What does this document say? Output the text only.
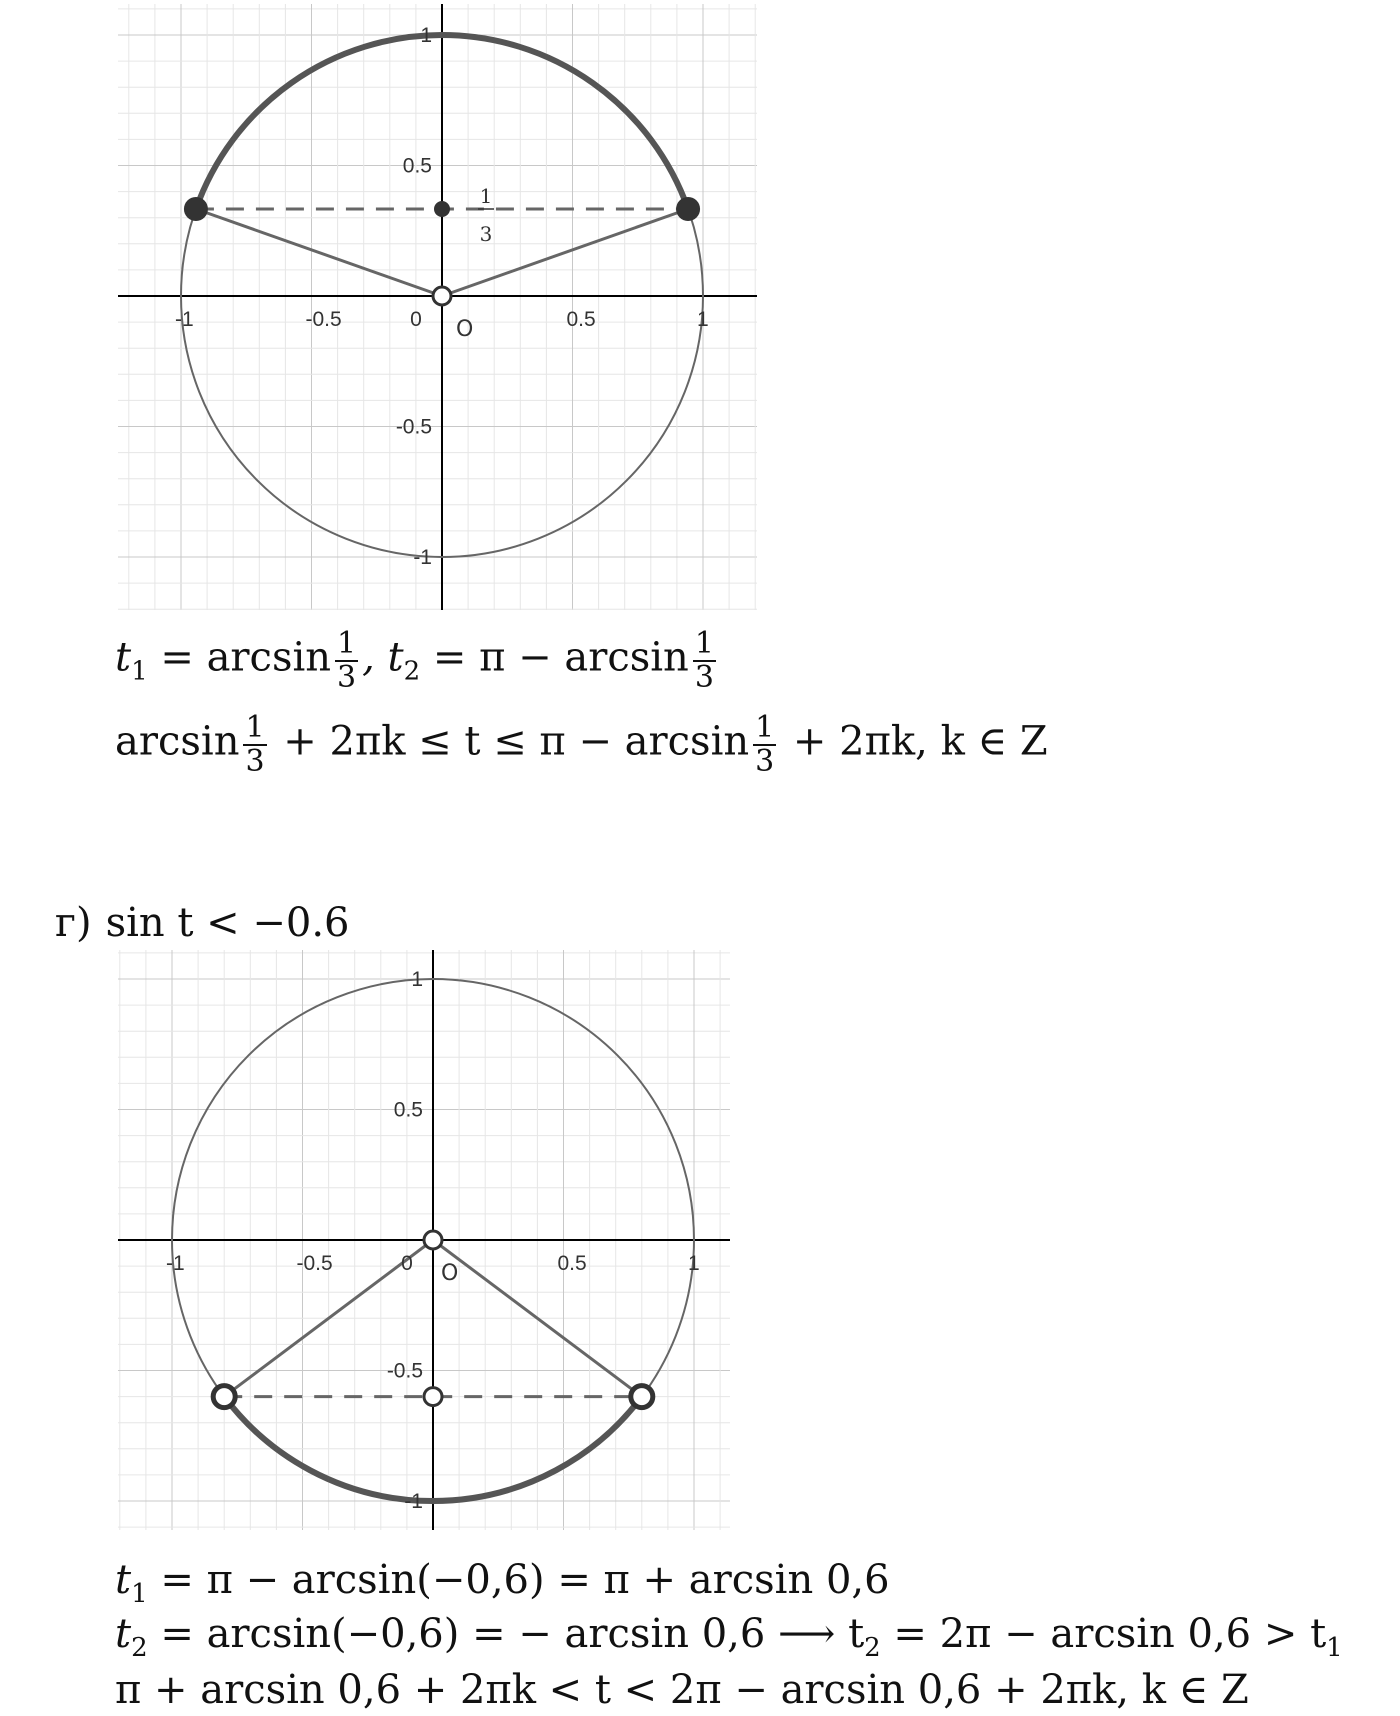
-1	-0.5	0	0.5	1
1
0.5
-0.5
-1
O
1
3
-1	-0.5	0	0.5	1
1
0.5
-0.5
-1
O
$t_1 = \arcsin \frac{1}{3}$ , $t_2 = \pi - \arcsin \frac{1}{3}$
$\arcsin \frac{1}{3} + 2\pi k \le t \le \pi - \arcsin \frac{1}{3} + 2\pi k$, k ∈ Z
г) sin t < −0.6
$t_1 = \pi - \arcsin(-0,6) = \pi + \arcsin 0,6$
$t_2 = \arcsin(-0,6)$ = − arcsin 0,6 ⟶ $t_2 = 2\pi - \arcsin 0,6 > t_1$
π + arcsin 0,6 + 2πk < t < 2π − arcsin 0,6 + 2πk, k ∈ Z
